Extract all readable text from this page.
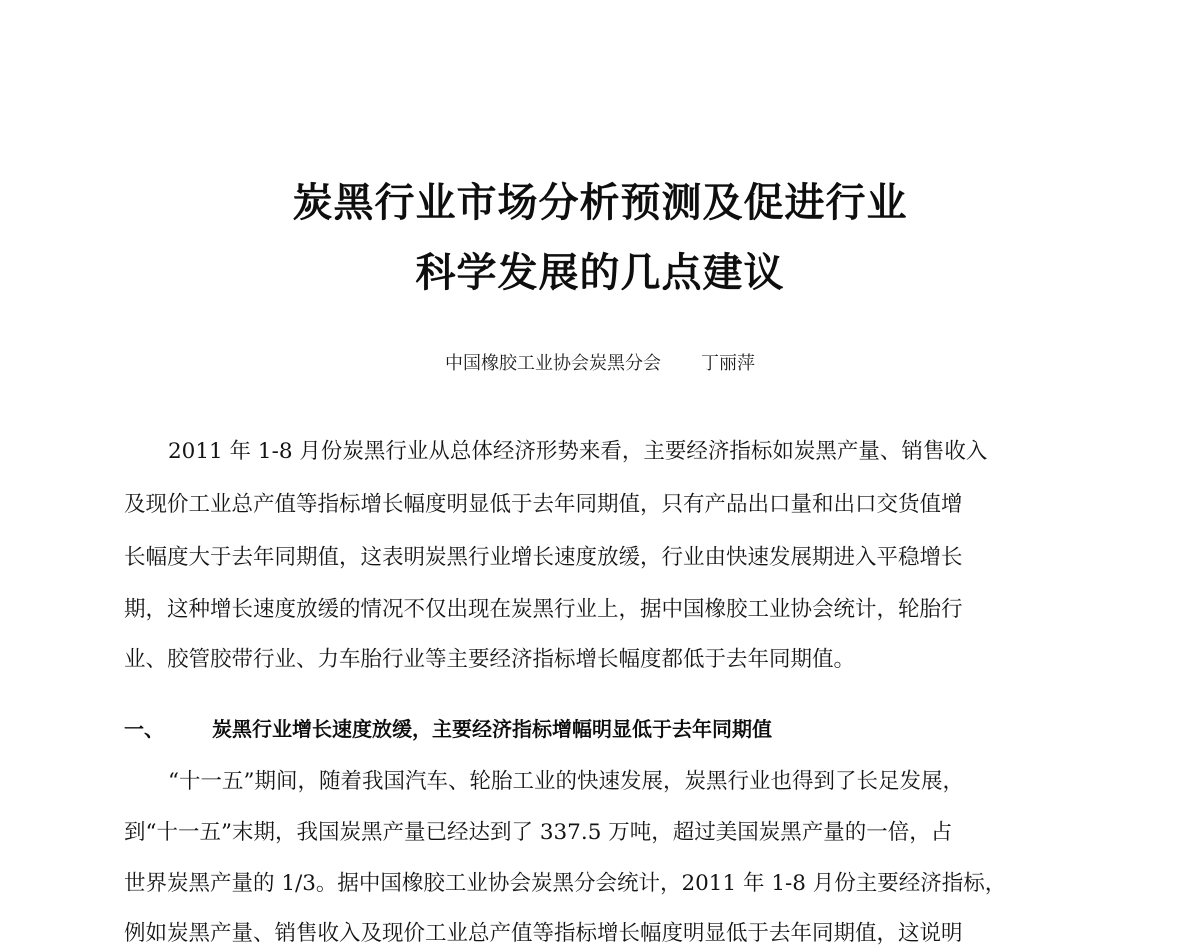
炭黑行业市场分析预测及促进行业
科学发展的几点建议
中国橡胶工业协会炭黑分会 丁丽萍
2011 年 1-8 月份炭黑行业从总体经济形势来看，主要经济指标如炭黑产量、销售收入
及现价工业总产值等指标增长幅度明显低于去年同期值，只有产品出口量和出口交货值增
长幅度大于去年同期值，这表明炭黑行业增长速度放缓，行业由快速发展期进入平稳增长
期，这种增长速度放缓的情况不仅出现在炭黑行业上，据中国橡胶工业协会统计，轮胎行
业、胶管胶带行业、力车胎行业等主要经济指标增长幅度都低于去年同期值。
一、 炭黑行业增长速度放缓，主要经济指标增幅明显低于去年同期值
“十一五”期间，随着我国汽车、轮胎工业的快速发展，炭黑行业也得到了长足发展，
到“十一五”末期，我国炭黑产量已经达到了 337.5 万吨，超过美国炭黑产量的一倍，占
世界炭黑产量的 1/3。据中国橡胶工业协会炭黑分会统计，2011 年 1-8 月份主要经济指标，
例如炭黑产量、销售收入及现价工业总产值等指标增长幅度明显低于去年同期值，这说明
